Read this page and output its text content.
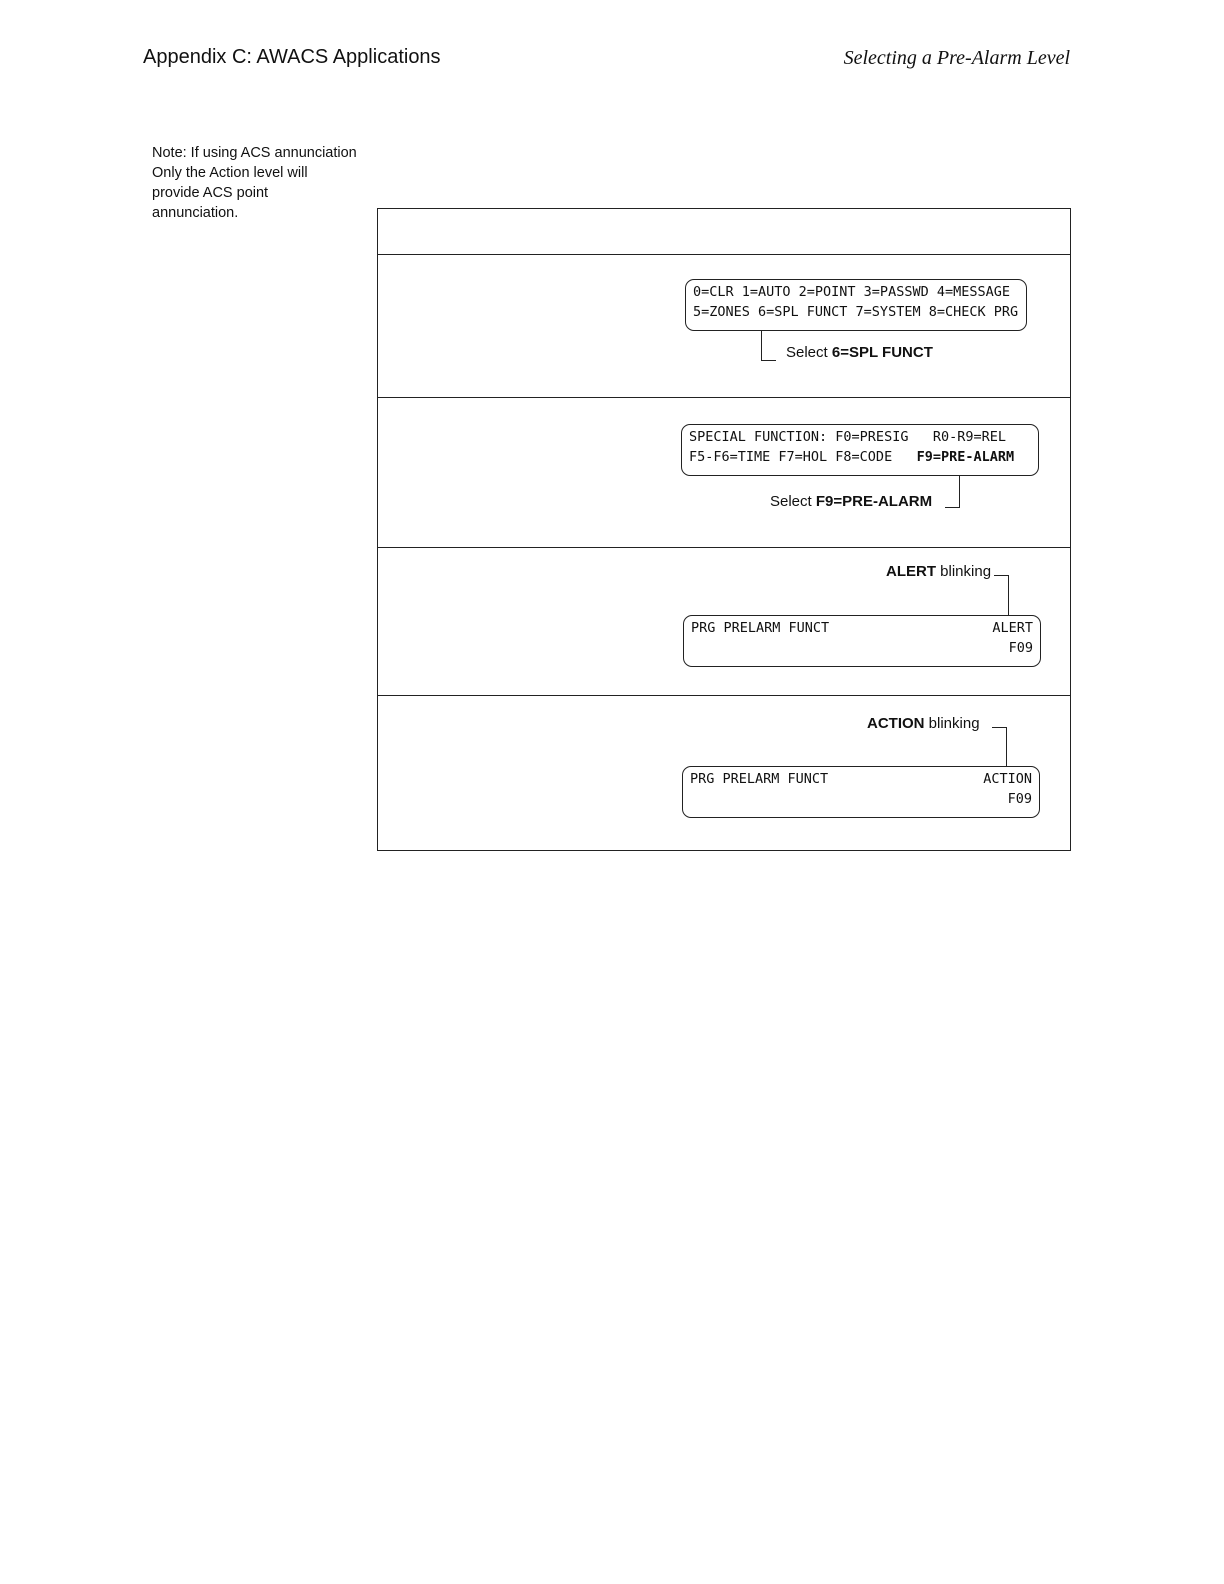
Appendix C: AWACS Applications	Selecting a Pre-Alarm Level
Note: If using ACS annunciation
Only the Action level will
provide ACS point
annunciation.
0=CLR 1=AUTO 2=POINT 3=PASSWD 4=MESSAGE
5=ZONES 6=SPL FUNCT 7=SYSTEM 8=CHECK PRG
Select 6=SPL FUNCT
SPECIAL FUNCTION: F0=PRESIG   R0-R9=REL
F5-F6=TIME F7=HOL F8=CODE   F9=PRE-ALARM
Select F9=PRE-ALARM
ALERT blinking
PRG PRELARM FUNCT	ALERT
F09
ACTION blinking
PRG PRELARM FUNCT	ACTION
F09
